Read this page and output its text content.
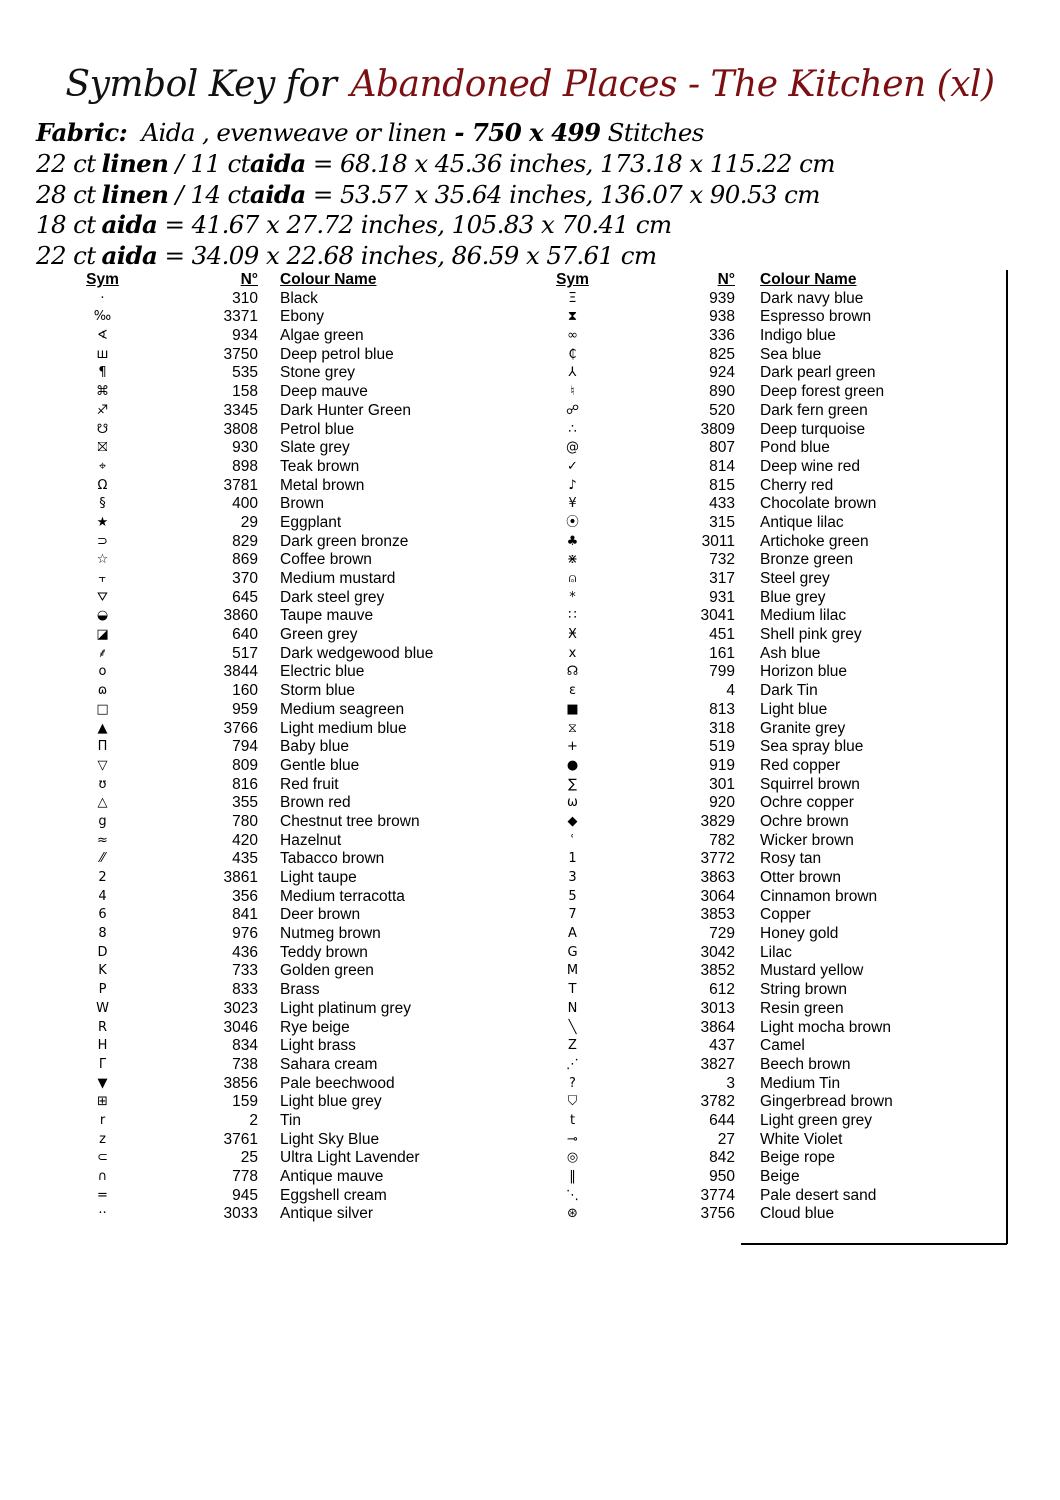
Symbol Key for Abandoned Places - The Kitchen (xl)
Fabric: Aida , evenweave or linen - 750 x 499 Stitches
22 ct linen / 11 ctaida = 68.18 x 45.36 inches, 173.18 x 115.22 cm
28 ct linen / 14 ctaida = 53.57 x 35.64 inches, 136.07 x 90.53 cm
18 ct aida = 41.67 x 27.72 inches, 105.83 x 70.41 cm
22 ct aida = 34.09 x 22.68 inches, 86.59 x 57.61 cm
Sym	N° Colour Name
·	310 Black
‰	3371 Ebony
∢	934 Algae green
ш	3750 Deep petrol blue
¶	535 Stone grey
⌘	158 Deep mauve
♐	3345 Dark Hunter Green
☋	3808 Petrol blue
⛝	930 Slate grey
⌖	898 Teak brown
Ω	3781 Metal brown
§	400 Brown
★	29 Eggplant
⊃	829 Dark green bronze
☆	869 Coffee brown
⫟	370 Medium mustard
⛛	645 Dark steel grey
◒	3860 Taupe mauve
◪	640 Green grey
⸙	517 Dark wedgewood blue
o	3844 Electric blue
ɷ	160 Storm blue
□	959 Medium seagreen
▲	3766 Light medium blue
Π	794 Baby blue
▽	809 Gentle blue
ʊ	816 Red fruit
△	355 Brown red
g	780 Chestnut tree brown
≈	420 Hazelnut
⁄⁄	435 Tabacco brown
2	3861 Light taupe
4	356 Medium terracotta
6	841 Deer brown
8	976 Nutmeg brown
D	436 Teddy brown
K	733 Golden green
P	833 Brass
W	3023 Light platinum grey
R	3046 Rye beige
H	834 Light brass
Γ	738 Sahara cream
▼	3856 Pale beechwood
⊞	159 Light blue grey
r	2 Tin
z	3761 Light Sky Blue
⊂	25 Ultra Light Lavender
∩	778 Antique mauve
=	945 Eggshell cream
··	3033 Antique silver
Sym	N° Colour Name
Ξ	939 Dark navy blue
⧗	938 Espresso brown
∞	336 Indigo blue
₵	825 Sea blue
⅄	924 Dark pearl green
♮	890 Deep forest green
☍	520 Dark fern green
∴	3809 Deep turquoise
@	807 Pond blue
✓	814 Deep wine red
♪	815 Cherry red
¥	433 Chocolate brown
⦿	315 Antique lilac
♣	3011 Artichoke green
⋇	732 Bronze green
⍝	317 Steel grey
*	931 Blue grey
∷	3041 Medium lilac
Ӿ	451 Shell pink grey
x	161 Ash blue
☊	799 Horizon blue
ɛ	4 Dark Tin
■	813 Light blue
⧖	318 Granite grey
+	519 Sea spray blue
●	919 Red copper
∑	301 Squirrel brown
ω	920 Ochre copper
◆	3829 Ochre brown
ʿ	782 Wicker brown
1	3772 Rosy tan
3	3863 Otter brown
5	3064 Cinnamon brown
7	3853 Copper
A	729 Honey gold
G	3042 Lilac
M	3852 Mustard yellow
T	612 String brown
N	3013 Resin green
╲	3864 Light mocha brown
Z	437 Camel
⋰	3827 Beech brown
?	3 Medium Tin
⛉	3782 Gingerbread brown
t	644 Light green grey
⊸	27 White Violet
◎	842 Beige rope
‖	950 Beige
⋱	3774 Pale desert sand
⊛	3756 Cloud blue
